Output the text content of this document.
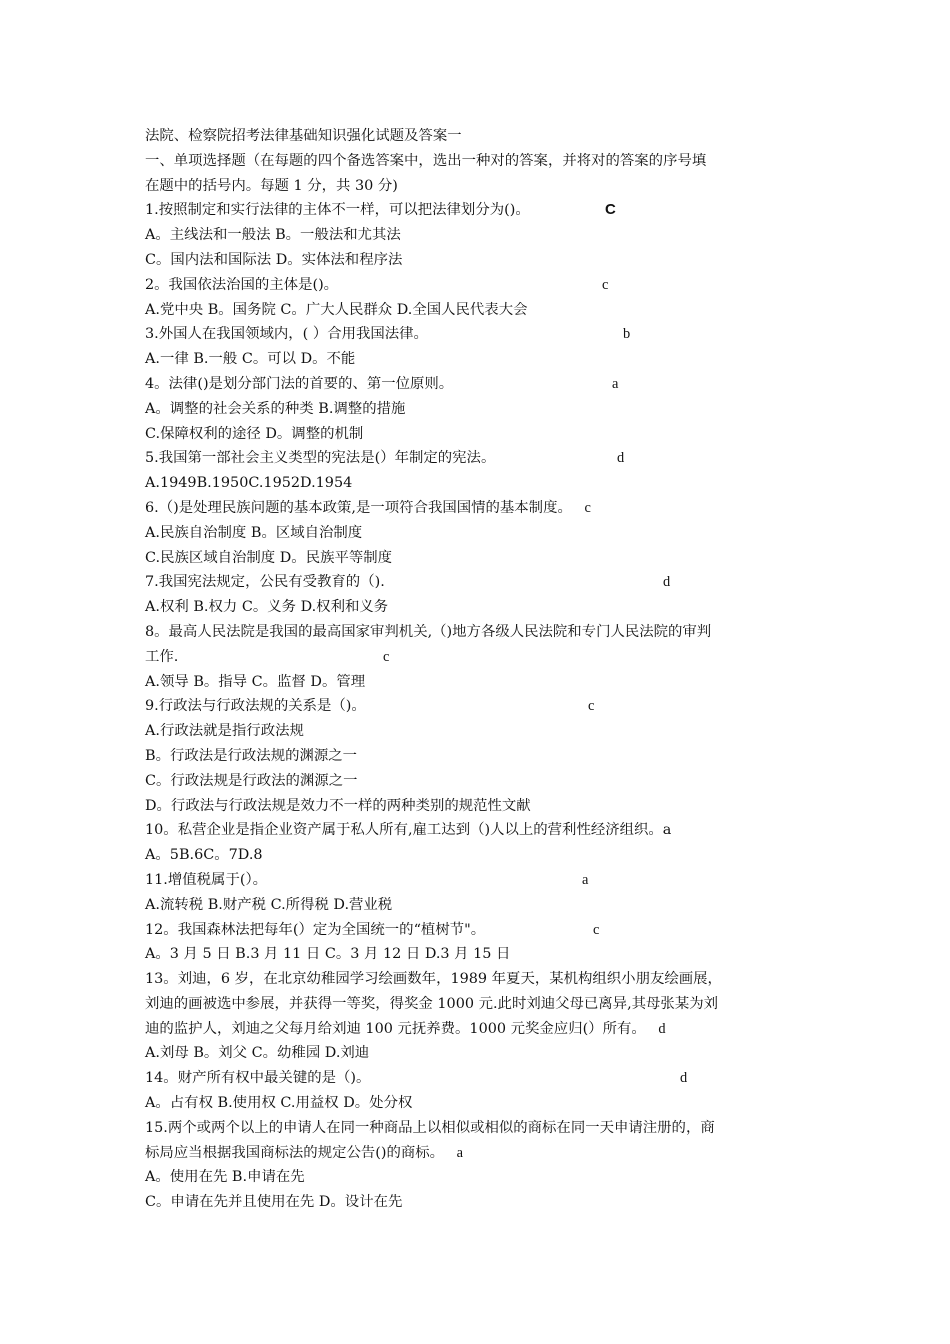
法院、检察院招考法律基础知识强化试题及答案一
一、单项选择题（在每题的四个备选答案中，选出一种对的答案，并将对的答案的序号填
在题中的括号内。每题 1 分，共 30 分)
1.按照制定和实行法律的主体不一样，可以把法律划分为()。	C
A。主线法和一般法 B。一般法和尤其法
C。国内法和国际法 D。实体法和程序法
2。我国依法治国的主体是()。	c
A.党中央 B。国务院 C。广大人民群众 D.全国人民代表大会
3.外国人在我国领域内，( ）合用我国法律。	b
A.一律 B.一般 C。可以 D。不能
4。法律()是划分部门法的首要的、第一位原则。	a
A。调整的社会关系的种类 B.调整的措施
C.保障权利的途径 D。调整的机制
5.我国第一部社会主义类型的宪法是(）年制定的宪法。	d
A.1949B.1950C.1952D.1954
6.（)是处理民族问题的基本政策,是一项符合我国国情的基本制度。 c
A.民族自治制度 B。区域自治制度
C.民族区域自治制度 D。民族平等制度
7.我国宪法规定，公民有受教育的（).	d
A.权利 B.权力 C。义务 D.权利和义务
8。最高人民法院是我国的最高国家审判机关,（)地方各级人民法院和专门人民法院的审判
工作.	c
A.领导 B。指导 C。监督 D。管理
9.行政法与行政法规的关系是（)。	c
A.行政法就是指行政法规
B。行政法是行政法规的渊源之一
C。行政法规是行政法的渊源之一
D。行政法与行政法规是效力不一样的两种类别的规范性文献
10。私营企业是指企业资产属于私人所有,雇工达到（)人以上的营利性经济组织。a
A。5B.6C。7D.8
11.增值税属于(）。	a
A.流转税 B.财产税 C.所得税 D.营业税
12。我国森林法把每年(）定为全国统一的“植树节"。	c
A。3 月 5 日 B.3 月 11 日 C。3 月 12 日 D.3 月 15 日
13。刘迪，6 岁，在北京幼稚园学习绘画数年，1989 年夏天，某机构组织小朋友绘画展，
刘迪的画被选中参展，并获得一等奖，得奖金 1000 元.此时刘迪父母已离异,其母张某为刘
迪的监护人，刘迪之父每月给刘迪 100 元抚养费。1000 元奖金应归(）所有。 d
A.刘母 B。刘父 C。幼稚园 D.刘迪
14。财产所有权中最关键的是（)。	d
A。占有权 B.使用权 C.用益权 D。处分权
15.两个或两个以上的申请人在同一种商品上以相似或相似的商标在同一天申请注册的，商
标局应当根据我国商标法的规定公告()的商标。 a
A。使用在先 B.申请在先
C。申请在先并且使用在先 D。设计在先
